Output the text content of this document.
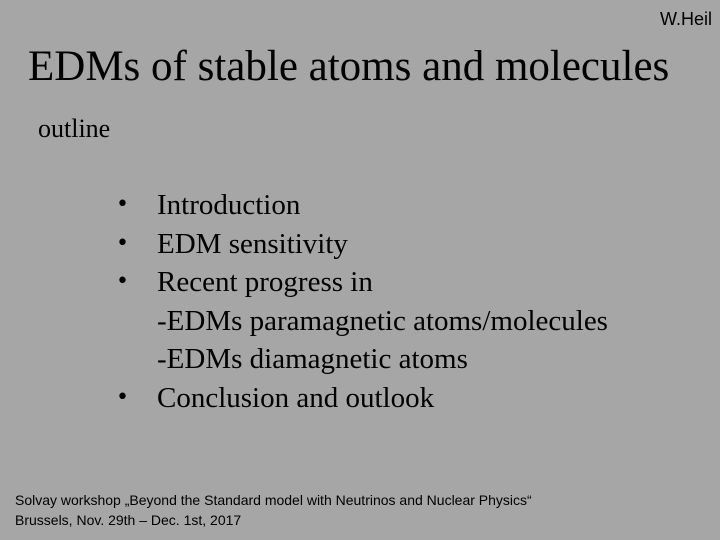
W.Heil
EDMs of stable atoms and molecules
outline
• Introduction
• EDM sensitivity
• Recent progress in
-EDMs paramagnetic atoms/molecules
-EDMs diamagnetic atoms
• Conclusion and outlook
Solvay workshop „Beyond the Standard model with Neutrinos and Nuclear Physics“
Brussels, Nov. 29th – Dec. 1st, 2017
